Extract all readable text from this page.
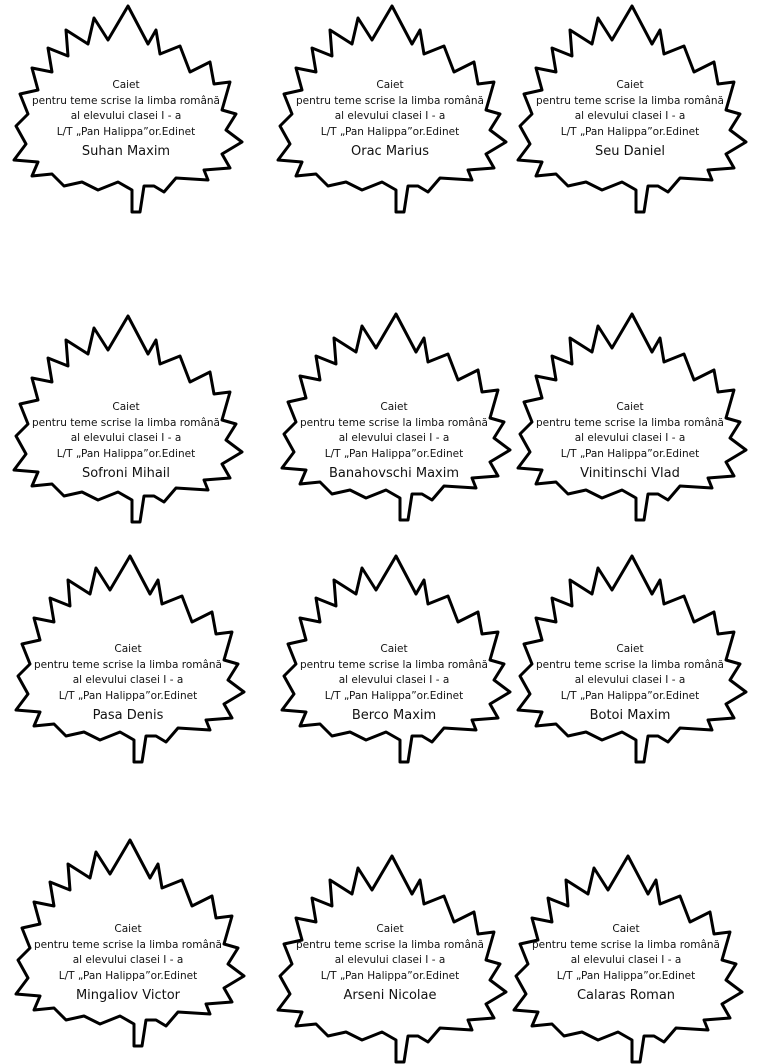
Caiet
pentru teme scrise la limba română
al elevului clasei I - a
L/T „Pan Halippa”or.Edinet
Suhan Maxim
Caiet
pentru teme scrise la limba română
al elevului clasei I - a
L/T „Pan Halippa”or.Edinet
Orac Marius
Caiet
pentru teme scrise la limba română
al elevului clasei I - a
L/T „Pan Halippa”or.Edinet
Seu Daniel
Caiet
pentru teme scrise la limba română
al elevului clasei I - a
L/T „Pan Halippa”or.Edinet
Sofroni Mihail
Caiet
pentru teme scrise la limba română
al elevului clasei I - a
L/T „Pan Halippa”or.Edinet
Banahovschi Maxim
Caiet
pentru teme scrise la limba română
al elevului clasei I - a
L/T „Pan Halippa”or.Edinet
Vinitinschi Vlad
Caiet
pentru teme scrise la limba română
al elevului clasei I - a
L/T „Pan Halippa”or.Edinet
Pasa Denis
Caiet
pentru teme scrise la limba română
al elevului clasei I - a
L/T „Pan Halippa”or.Edinet
Berco Maxim
Caiet
pentru teme scrise la limba română
al elevului clasei I - a
L/T „Pan Halippa”or.Edinet
Botoi Maxim
Caiet
pentru teme scrise la limba română
al elevului clasei I - a
L/T „Pan Halippa”or.Edinet
Mingaliov Victor
Caiet
pentru teme scrise la limba română
al elevului clasei I - a
L/T „Pan Halippa”or.Edinet
Arseni Nicolae
Caiet
pentru teme scrise la limba română
al elevului clasei I - a
L/T „Pan Halippa”or.Edinet
Calaras Roman
